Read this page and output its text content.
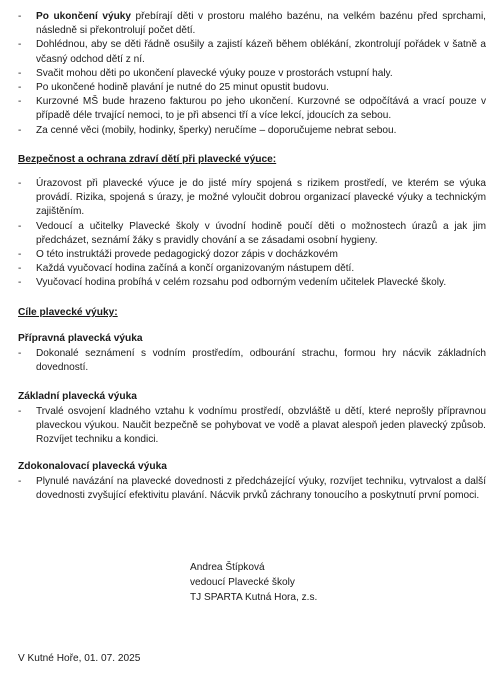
- Po ukončení výuky přebírají děti v prostoru malého bazénu, na velkém bazénu před sprchami, následně si překontrolují počet dětí.
- Dohlédnou, aby se děti řádně osušily a zajistí kázeň během oblékání, zkontrolují pořádek v šatně a včasný odchod dětí z ní.
- Svačit mohou děti po ukončení plavecké výuky pouze v prostorách vstupní haly.
- Po ukončené hodině plavání je nutné do 25 minut opustit budovu.
- Kurzovné MŠ bude hrazeno fakturou po jeho ukončení. Kurzovné se odpočítává a vrací pouze v případě déle trvající nemoci, to je při absenci tří a více lekcí, jdoucích za sebou.
- Za cenné věci (mobily, hodinky, šperky) neručíme – doporučujeme nebrat sebou.
Bezpečnost a ochrana zdraví dětí při plavecké výuce:
- Úrazovost při plavecké výuce je do jisté míry spojená s rizikem prostředí, ve kterém se výuka provádí. Rizika, spojená s úrazy, je možné vyloučit dobrou organizací plavecké výuky a technickým zajištěním.
- Vedoucí a učitelky Plavecké školy v úvodní hodině poučí děti o možnostech úrazů a jak jim předcházet, seznámí žáky s pravidly chování a se zásadami osobní hygieny.
- O této instruktáži provede pedagogický dozor zápis v docházkovém
- Každá vyučovací hodina začíná a končí organizovaným nástupem dětí.
- Vyučovací hodina probíhá v celém rozsahu pod odborným vedením učitelek Plavecké školy.
Cíle plavecké výuky:
Přípravná plavecká výuka
- Dokonalé seznámení s vodním prostředím, odbourání strachu, formou hry nácvik základních dovedností.
Základní plavecká výuka
- Trvalé osvojení kladného vztahu k vodnímu prostředí, obzvláště u dětí, které neprošly přípravnou plaveckou výukou. Naučit bezpečně se pohybovat ve vodě a plavat alespoň jeden plavecký způsob. Rozvíjet techniku a kondici.
Zdokonalovací plavecká výuka
- Plynulé navázání na plavecké dovednosti z předcházející výuky, rozvíjet techniku, vytrvalost a další dovednosti zvyšující efektivitu plavání. Nácvik prvků záchrany tonoucího a poskytnutí první pomoci.
Andrea Štípková
vedoucí Plavecké školy
TJ SPARTA Kutná Hora, z.s.
V Kutné Hoře, 01. 07. 2025
